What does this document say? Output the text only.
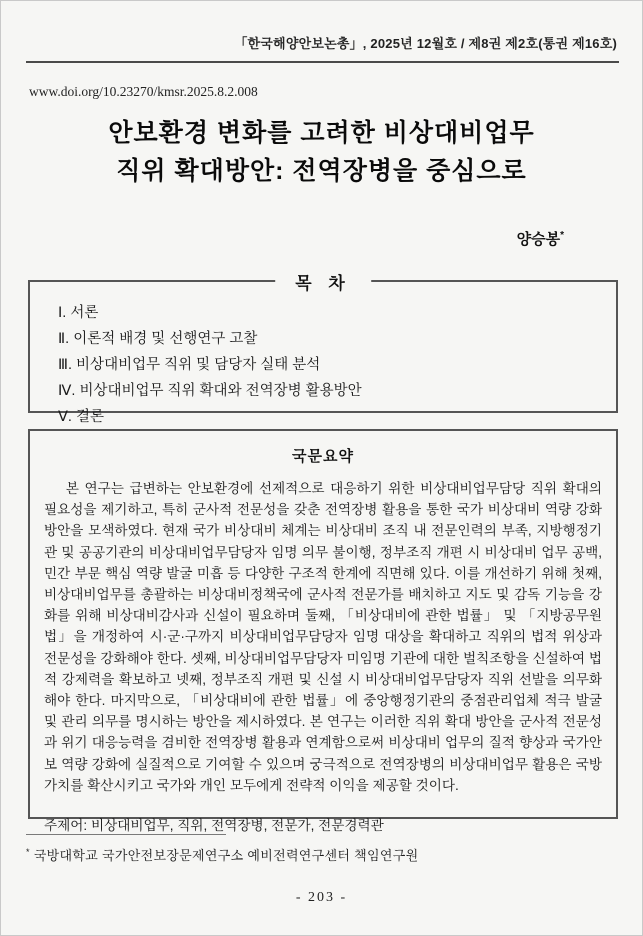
「한국해양안보논총」, 2025년 12월호 / 제8권 제2호(통권 제16호)
www.doi.org/10.23270/kmsr.2025.8.2.008
안보환경 변화를 고려한 비상대비업무
직위 확대방안: 전역장병을 중심으로
양승봉*
목 차
Ⅰ. 서론
Ⅱ. 이론적 배경 및 선행연구 고찰
Ⅲ. 비상대비업무 직위 및 담당자 실태 분석
Ⅳ. 비상대비업무 직위 확대와 전역장병 활용방안
Ⅴ. 결론
국문요약
본 연구는 급변하는 안보환경에 선제적으로 대응하기 위한 비상대비업무담당 직위 확대의 필요성을 제기하고, 특히 군사적 전문성을 갖춘 전역장병 활용을 통한 국가 비상대비 역량 강화 방안을 모색하였다. 현재 국가 비상대비 체계는 비상대비 조직 내 전문인력의 부족, 지방행정기관 및 공공기관의 비상대비업무담당자 임명 의무 불이행, 정부조직 개편 시 비상대비 업무 공백, 민간 부문 핵심 역량 발굴 미흡 등 다양한 구조적 한계에 직면해 있다. 이를 개선하기 위해 첫째, 비상대비업무를 총괄하는 비상대비정책국에 군사적 전문가를 배치하고 지도 및 감독 기능을 강화를 위해 비상대비감사과 신설이 필요하며 둘째, 「비상대비에 관한 법률」 및 「지방공무원법」을 개정하여 시·군·구까지 비상대비업무담당자 임명 대상을 확대하고 직위의 법적 위상과 전문성을 강화해야 한다. 셋째, 비상대비업무담당자 미임명 기관에 대한 벌칙조항을 신설하여 법적 강제력을 확보하고 넷째, 정부조직 개편 및 신설 시 비상대비업무담당자 직위 선발을 의무화해야 한다. 마지막으로, 「비상대비에 관한 법률」에 중앙행정기관의 중점관리업체 적극 발굴 및 관리 의무를 명시하는 방안을 제시하였다. 본 연구는 이러한 직위 확대 방안을 군사적 전문성과 위기 대응능력을 겸비한 전역장병 활용과 연계함으로써 비상대비 업무의 질적 향상과 국가안보 역량 강화에 실질적으로 기여할 수 있으며 궁극적으로 전역장병의 비상대비업무 활용은 국방 가치를 확산시키고 국가와 개인 모두에게 전략적 이익을 제공할 것이다.
주제어: 비상대비업무, 직위, 전역장병, 전문가, 전문경력관
* 국방대학교 국가안전보장문제연구소 예비전력연구센터 책임연구원
- 203 -
